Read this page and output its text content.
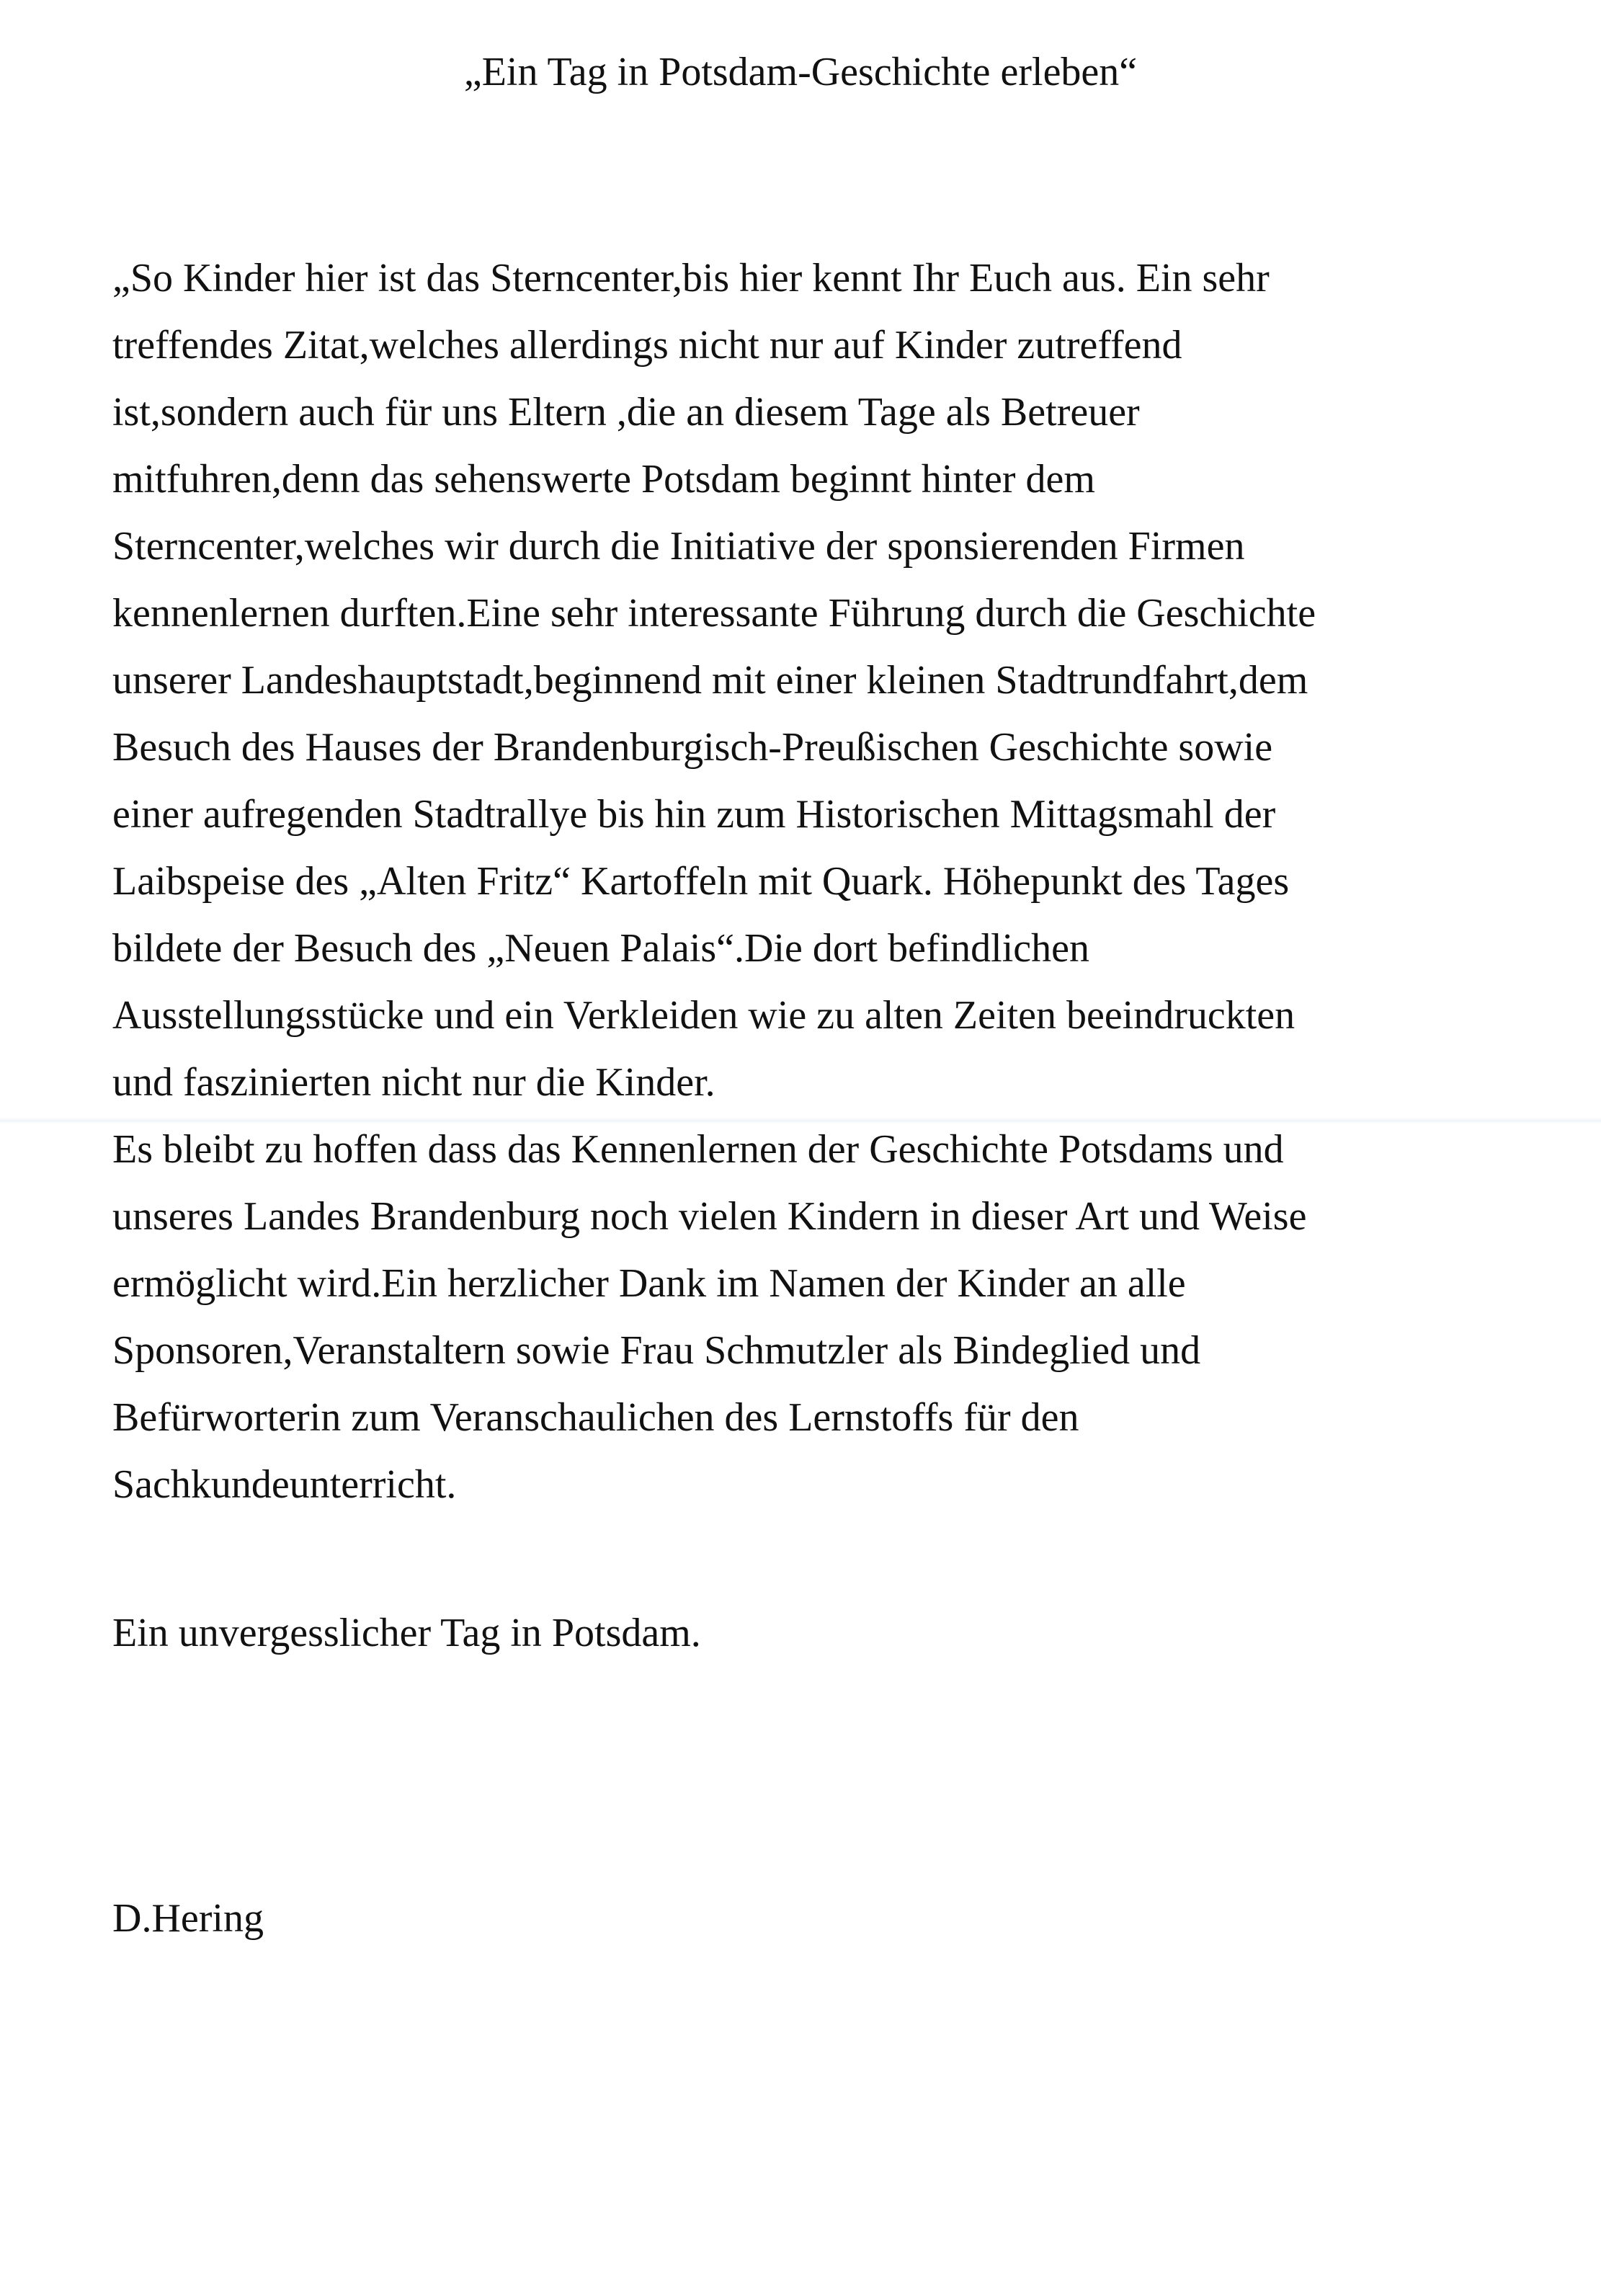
„Ein Tag in Potsdam-Geschichte erleben“
„So Kinder hier ist das Sterncenter,bis hier kennt Ihr Euch aus. Ein sehr
treffendes Zitat,welches allerdings nicht nur auf Kinder zutreffend
ist,sondern auch für uns Eltern ,die an diesem Tage als Betreuer
mitfuhren,denn das sehenswerte Potsdam beginnt hinter dem
Sterncenter,welches wir durch die Initiative der sponsierenden Firmen
kennenlernen durften.Eine sehr interessante Führung durch die Geschichte
unserer Landeshauptstadt,beginnend mit einer kleinen Stadtrundfahrt,dem
Besuch des Hauses der Brandenburgisch-Preußischen Geschichte sowie
einer aufregenden Stadtrallye bis hin zum Historischen Mittagsmahl der
Laibspeise des „Alten Fritz“ Kartoffeln mit Quark. Höhepunkt des Tages
bildete der Besuch des „Neuen Palais“.Die dort befindlichen
Ausstellungsstücke und ein Verkleiden wie zu alten Zeiten beeindruckten
und faszinierten nicht nur die Kinder.
Es bleibt zu hoffen dass das Kennenlernen der Geschichte Potsdams und
unseres Landes Brandenburg noch vielen Kindern in dieser Art und Weise
ermöglicht wird.Ein herzlicher Dank im Namen der Kinder an alle
Sponsoren,Veranstaltern sowie Frau Schmutzler als Bindeglied und
Befürworterin zum Veranschaulichen des Lernstoffs für den
Sachkundeunterricht.

Ein unvergesslicher Tag in Potsdam.

D.Hering
